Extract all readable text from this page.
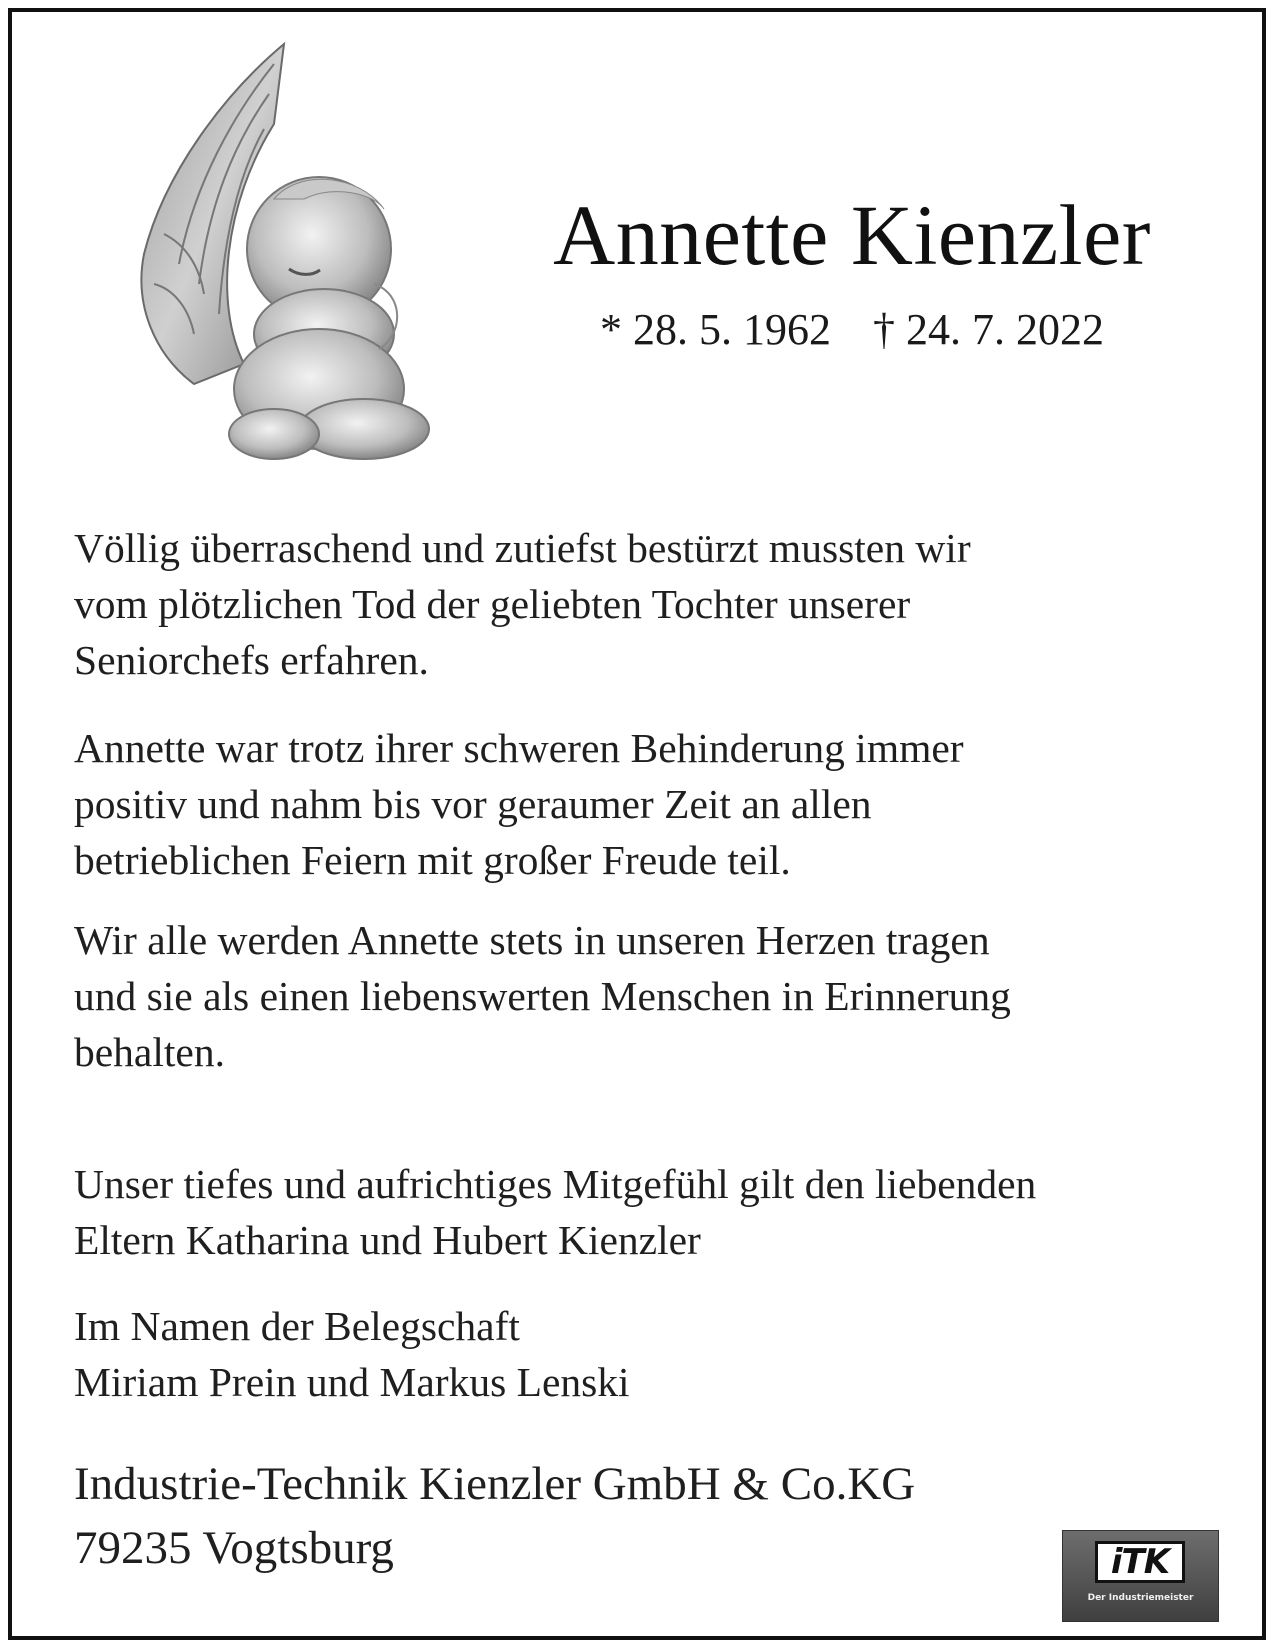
Annette Kienzler
* 28. 5. 1962 † 24. 7. 2022
Völlig überraschend und zutiefst bestürzt mussten wir
vom plötzlichen Tod der geliebten Tochter unserer
Seniorchefs erfahren.
Annette war trotz ihrer schweren Behinderung immer
positiv und nahm bis vor geraumer Zeit an allen
betrieblichen Feiern mit großer Freude teil.
Wir alle werden Annette stets in unseren Herzen tragen
und sie als einen liebenswerten Menschen in Erinnerung
behalten.
Unser tiefes und aufrichtiges Mitgefühl gilt den liebenden
Eltern Katharina und Hubert Kienzler
Im Namen der Belegschaft
Miriam Prein und Markus Lenski
Industrie-Technik Kienzler GmbH & Co.KG
79235 Vogtsburg	iTK
Der Industriemeister
